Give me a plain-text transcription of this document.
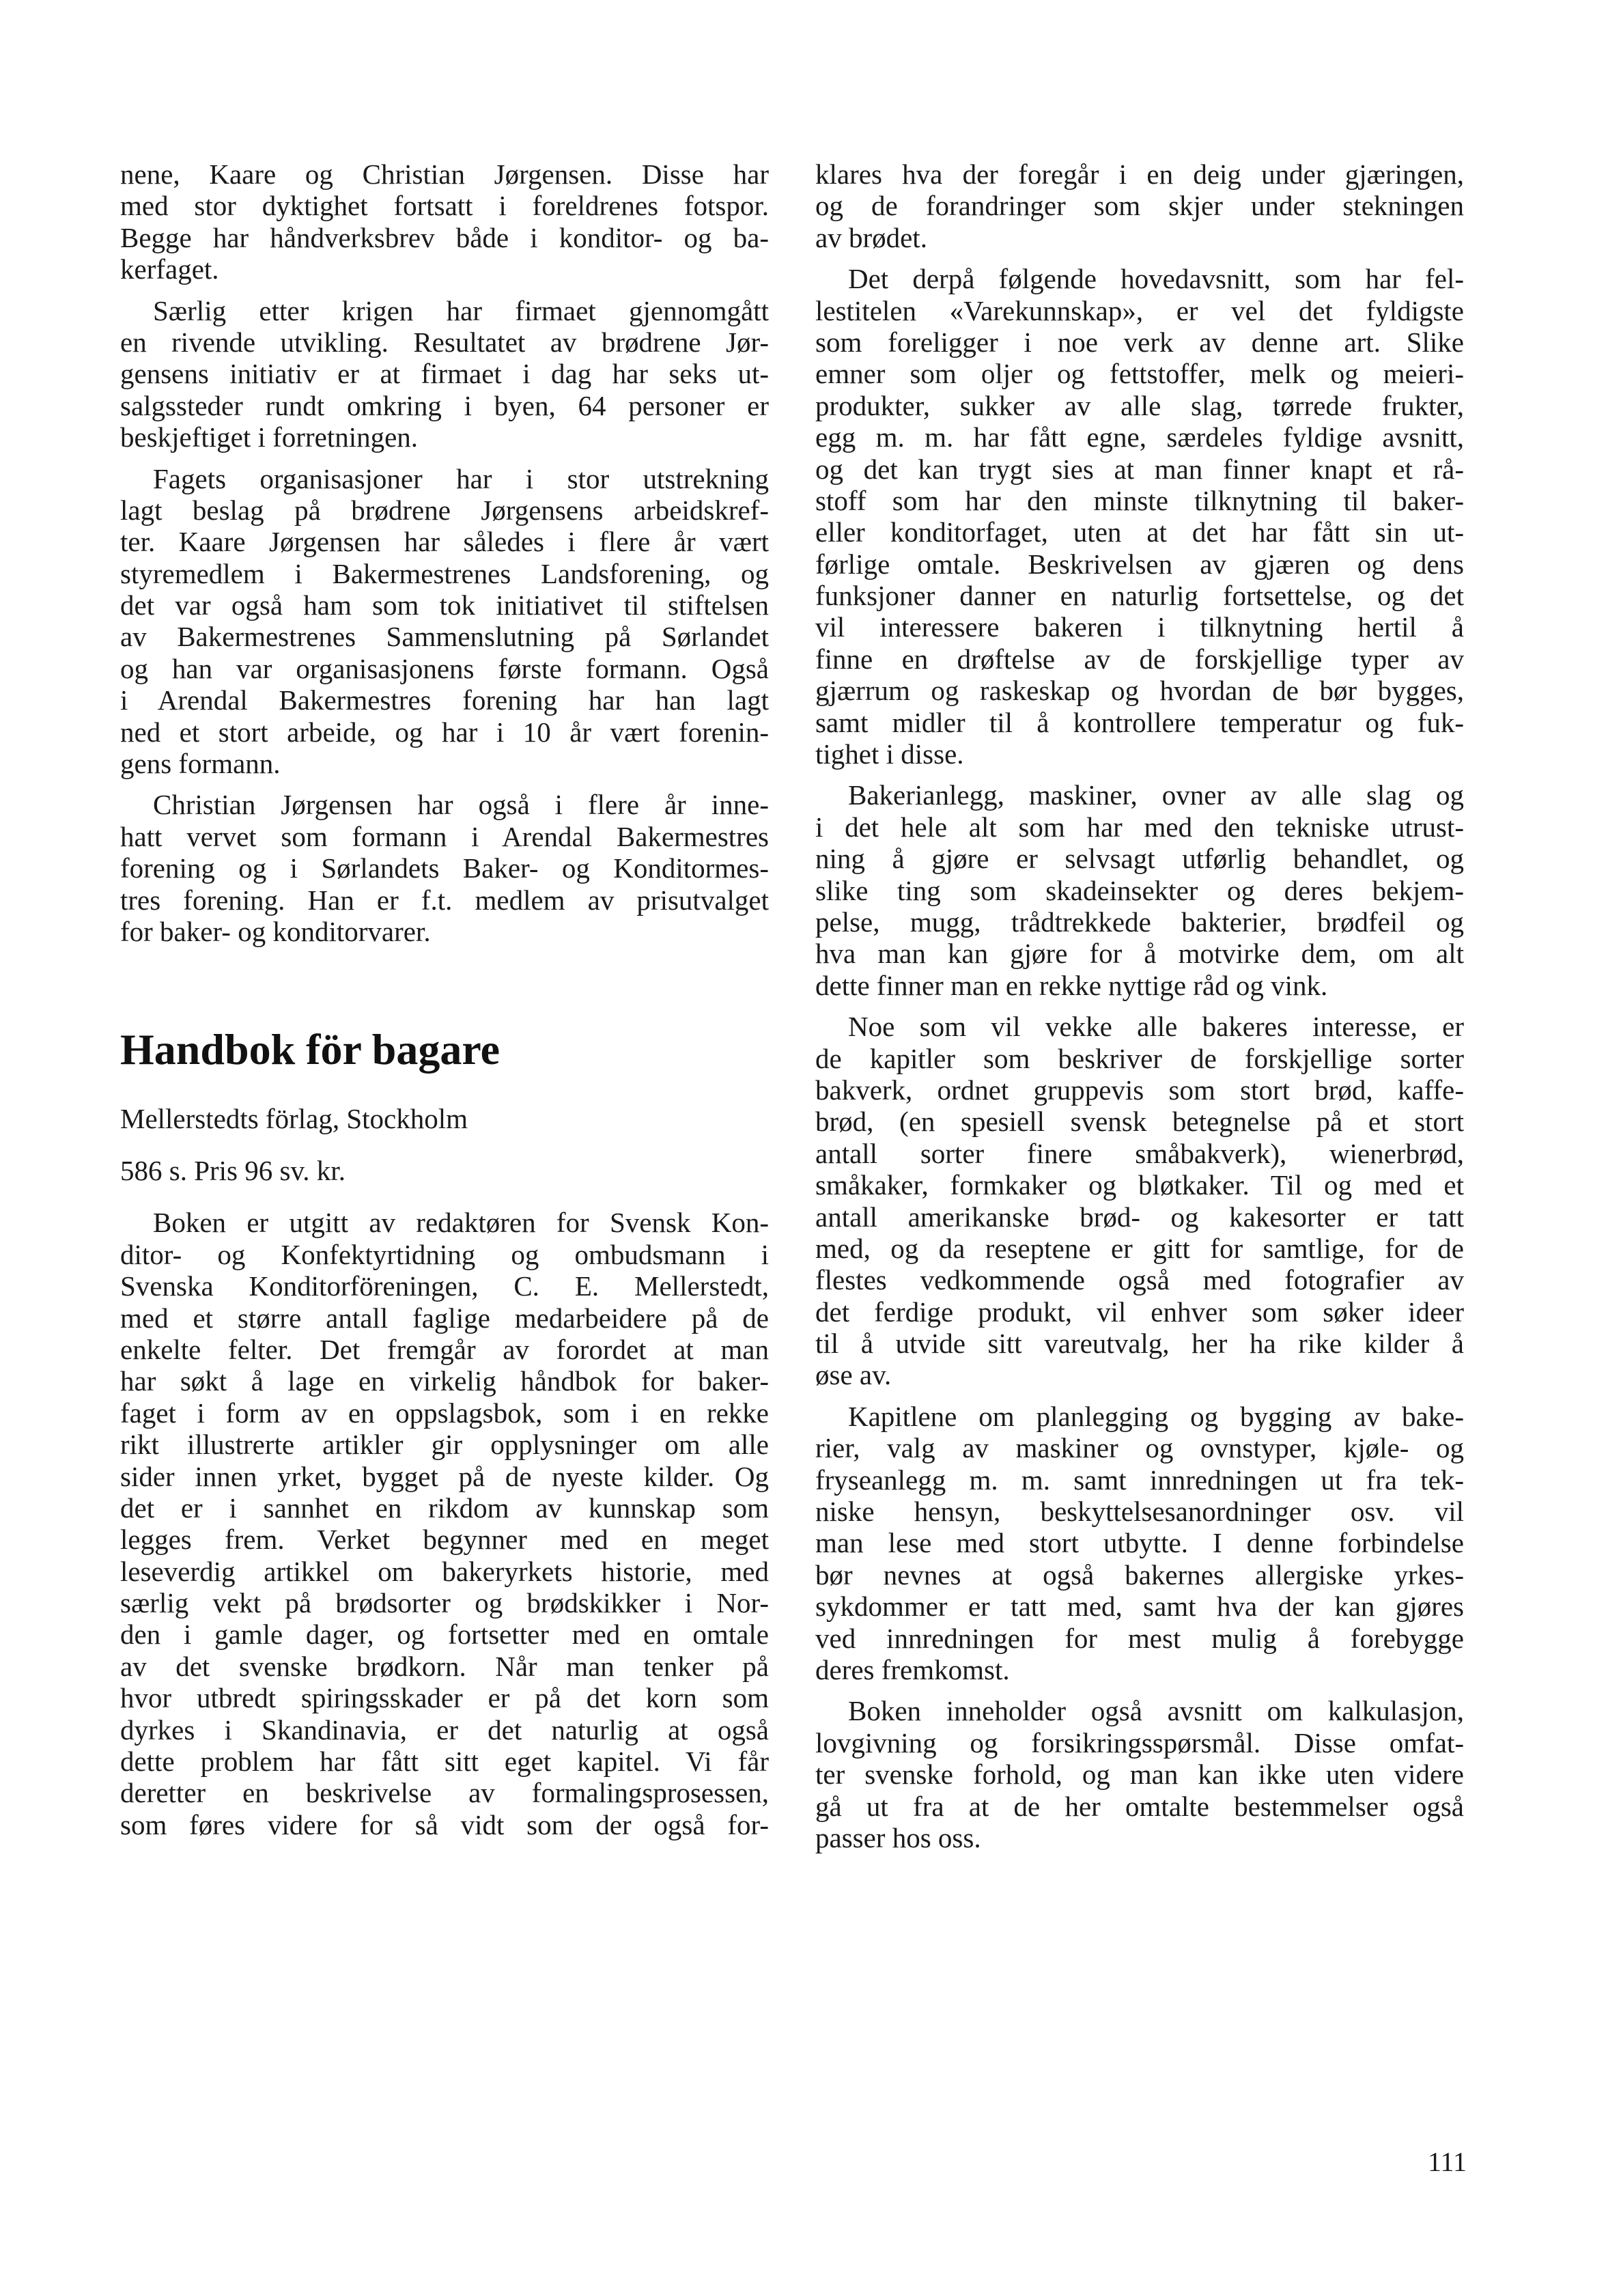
nene, Kaare og Christian Jørgensen. Disse har
med stor dyktighet fortsatt i foreldrenes fotspor.
Begge har håndverksbrev både i konditor- og ba-
kerfaget.
Særlig etter krigen har firmaet gjennomgått
en rivende utvikling. Resultatet av brødrene Jør-
gensens initiativ er at firmaet i dag har seks ut-
salgssteder rundt omkring i byen, 64 personer er
beskjeftiget i forretningen.
Fagets organisasjoner har i stor utstrekning
lagt beslag på brødrene Jørgensens arbeidskref-
ter. Kaare Jørgensen har således i flere år vært
styremedlem i Bakermestrenes Landsforening, og
det var også ham som tok initiativet til stiftelsen
av Bakermestrenes Sammenslutning på Sørlandet
og han var organisasjonens første formann. Også
i Arendal Bakermestres forening har han lagt
ned et stort arbeide, og har i 10 år vært forenin-
gens formann.
Christian Jørgensen har også i flere år inne-
hatt vervet som formann i Arendal Bakermestres
forening og i Sørlandets Baker- og Konditormes-
tres forening. Han er f.t. medlem av prisutvalget
for baker- og konditorvarer.
Handbok för bagare
Mellerstedts förlag, Stockholm
586 s. Pris 96 sv. kr.
Boken er utgitt av redaktøren for Svensk Kon-
ditor- og Konfektyrtidning og ombudsmann i
Svenska Konditorföreningen, C. E. Mellerstedt,
med et større antall faglige medarbeidere på de
enkelte felter. Det fremgår av forordet at man
har søkt å lage en virkelig håndbok for baker-
faget i form av en oppslagsbok, som i en rekke
rikt illustrerte artikler gir opplysninger om alle
sider innen yrket, bygget på de nyeste kilder. Og
det er i sannhet en rikdom av kunnskap som
legges frem. Verket begynner med en meget
leseverdig artikkel om bakeryrkets historie, med
særlig vekt på brødsorter og brødskikker i Nor-
den i gamle dager, og fortsetter med en omtale
av det svenske brødkorn. Når man tenker på
hvor utbredt spiringsskader er på det korn som
dyrkes i Skandinavia, er det naturlig at også
dette problem har fått sitt eget kapitel. Vi får
deretter en beskrivelse av formalingsprosessen,
som føres videre for så vidt som der også for-
klares hva der foregår i en deig under gjæringen,
og de forandringer som skjer under stekningen
av brødet.
Det derpå følgende hovedavsnitt, som har fel-
lestitelen «Varekunnskap», er vel det fyldigste
som foreligger i noe verk av denne art. Slike
emner som oljer og fettstoffer, melk og meieri-
produkter, sukker av alle slag, tørrede frukter,
egg m. m. har fått egne, særdeles fyldige avsnitt,
og det kan trygt sies at man finner knapt et rå-
stoff som har den minste tilknytning til baker-
eller konditorfaget, uten at det har fått sin ut-
førlige omtale. Beskrivelsen av gjæren og dens
funksjoner danner en naturlig fortsettelse, og det
vil interessere bakeren i tilknytning hertil å
finne en drøftelse av de forskjellige typer av
gjærrum og raskeskap og hvordan de bør bygges,
samt midler til å kontrollere temperatur og fuk-
tighet i disse.
Bakerianlegg, maskiner, ovner av alle slag og
i det hele alt som har med den tekniske utrust-
ning å gjøre er selvsagt utførlig behandlet, og
slike ting som skadeinsekter og deres bekjem-
pelse, mugg, trådtrekkede bakterier, brødfeil og
hva man kan gjøre for å motvirke dem, om alt
dette finner man en rekke nyttige råd og vink.
Noe som vil vekke alle bakeres interesse, er
de kapitler som beskriver de forskjellige sorter
bakverk, ordnet gruppevis som stort brød, kaffe-
brød, (en spesiell svensk betegnelse på et stort
antall sorter finere småbakverk), wienerbrød,
småkaker, formkaker og bløtkaker. Til og med et
antall amerikanske brød- og kakesorter er tatt
med, og da reseptene er gitt for samtlige, for de
flestes vedkommende også med fotografier av
det ferdige produkt, vil enhver som søker ideer
til å utvide sitt vareutvalg, her ha rike kilder å
øse av.
Kapitlene om planlegging og bygging av bake-
rier, valg av maskiner og ovnstyper, kjøle- og
fryseanlegg m. m. samt innredningen ut fra tek-
niske hensyn, beskyttelsesanordninger osv. vil
man lese med stort utbytte. I denne forbindelse
bør nevnes at også bakernes allergiske yrkes-
sykdommer er tatt med, samt hva der kan gjøres
ved innredningen for mest mulig å forebygge
deres fremkomst.
Boken inneholder også avsnitt om kalkulasjon,
lovgivning og forsikringsspørsmål. Disse omfat-
ter svenske forhold, og man kan ikke uten videre
gå ut fra at de her omtalte bestemmelser også
passer hos oss.
111
